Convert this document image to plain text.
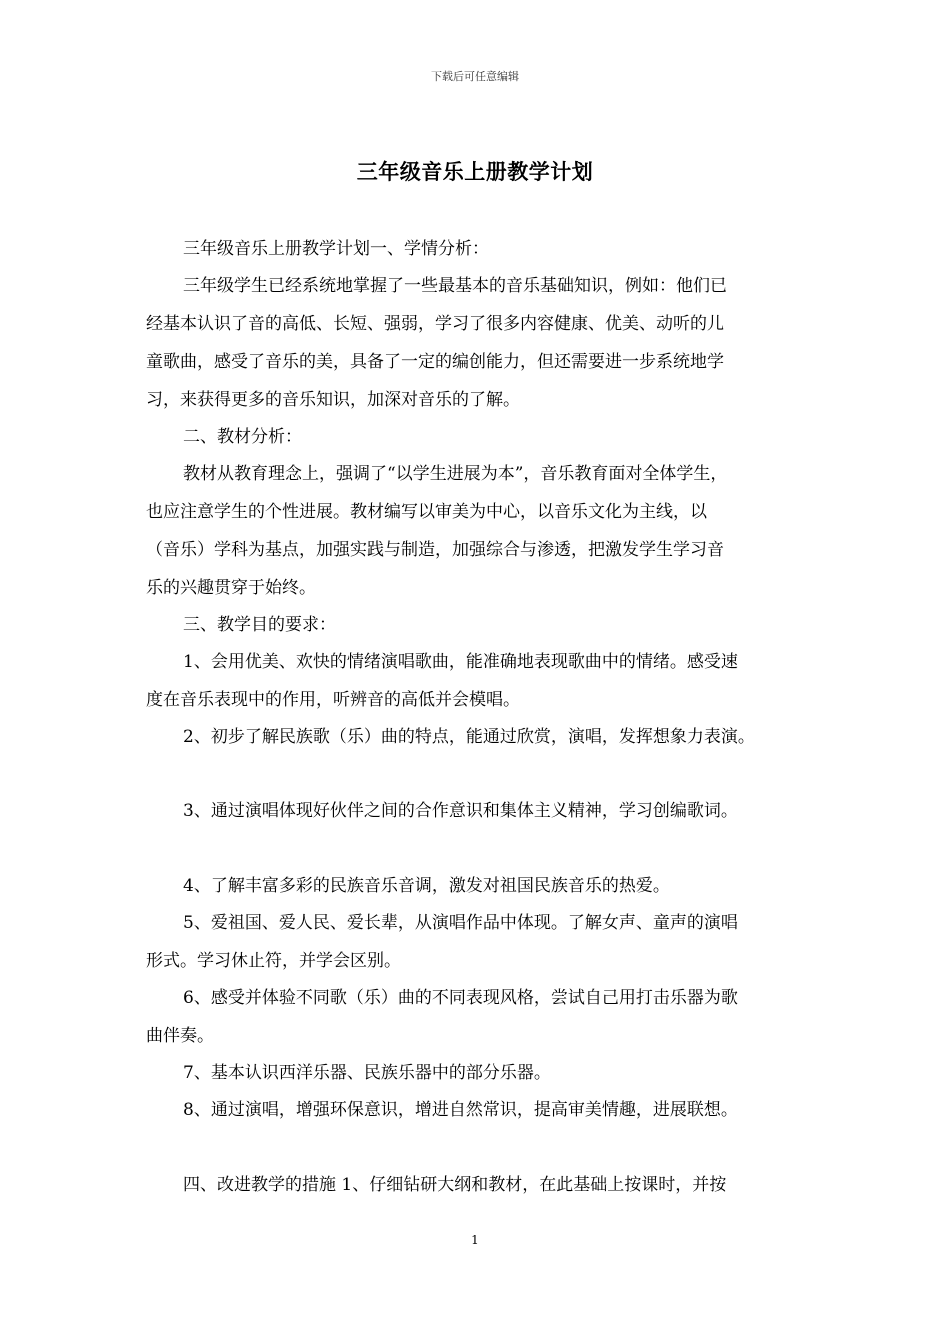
下载后可任意编辑
三年级音乐上册教学计划
三年级音乐上册教学计划一、学情分析：
三年级学生已经系统地掌握了一些最基本的音乐基础知识，例如：他们已
经基本认识了音的高低、长短、强弱，学习了很多内容健康、优美、动听的儿
童歌曲，感受了音乐的美，具备了一定的编创能力，但还需要进一步系统地学
习，来获得更多的音乐知识，加深对音乐的了解。
二、教材分析：
教材从教育理念上，强调了“以学生进展为本”，音乐教育面对全体学生，
也应注意学生的个性进展。教材编写以审美为中心，以音乐文化为主线，以
（音乐）学科为基点，加强实践与制造，加强综合与渗透，把激发学生学习音
乐的兴趣贯穿于始终。
三、教学目的要求：
1、会用优美、欢快的情绪演唱歌曲，能准确地表现歌曲中的情绪。感受速
度在音乐表现中的作用，听辨音的高低并会模唱。
2、初步了解民族歌（乐）曲的特点，能通过欣赏，演唱，发挥想象力表演。
3、通过演唱体现好伙伴之间的合作意识和集体主义精神，学习创编歌词。
4、了解丰富多彩的民族音乐音调，激发对祖国民族音乐的热爱。
5、爱祖国、爱人民、爱长辈，从演唱作品中体现。了解女声、童声的演唱
形式。学习休止符，并学会区别。
6、感受并体验不同歌（乐）曲的不同表现风格，尝试自己用打击乐器为歌
曲伴奏。
7、基本认识西洋乐器、民族乐器中的部分乐器。
8、通过演唱，增强环保意识，增进自然常识，提高审美情趣，进展联想。
四、改进教学的措施 1、仔细钻研大纲和教材，在此基础上按课时，并按
1
